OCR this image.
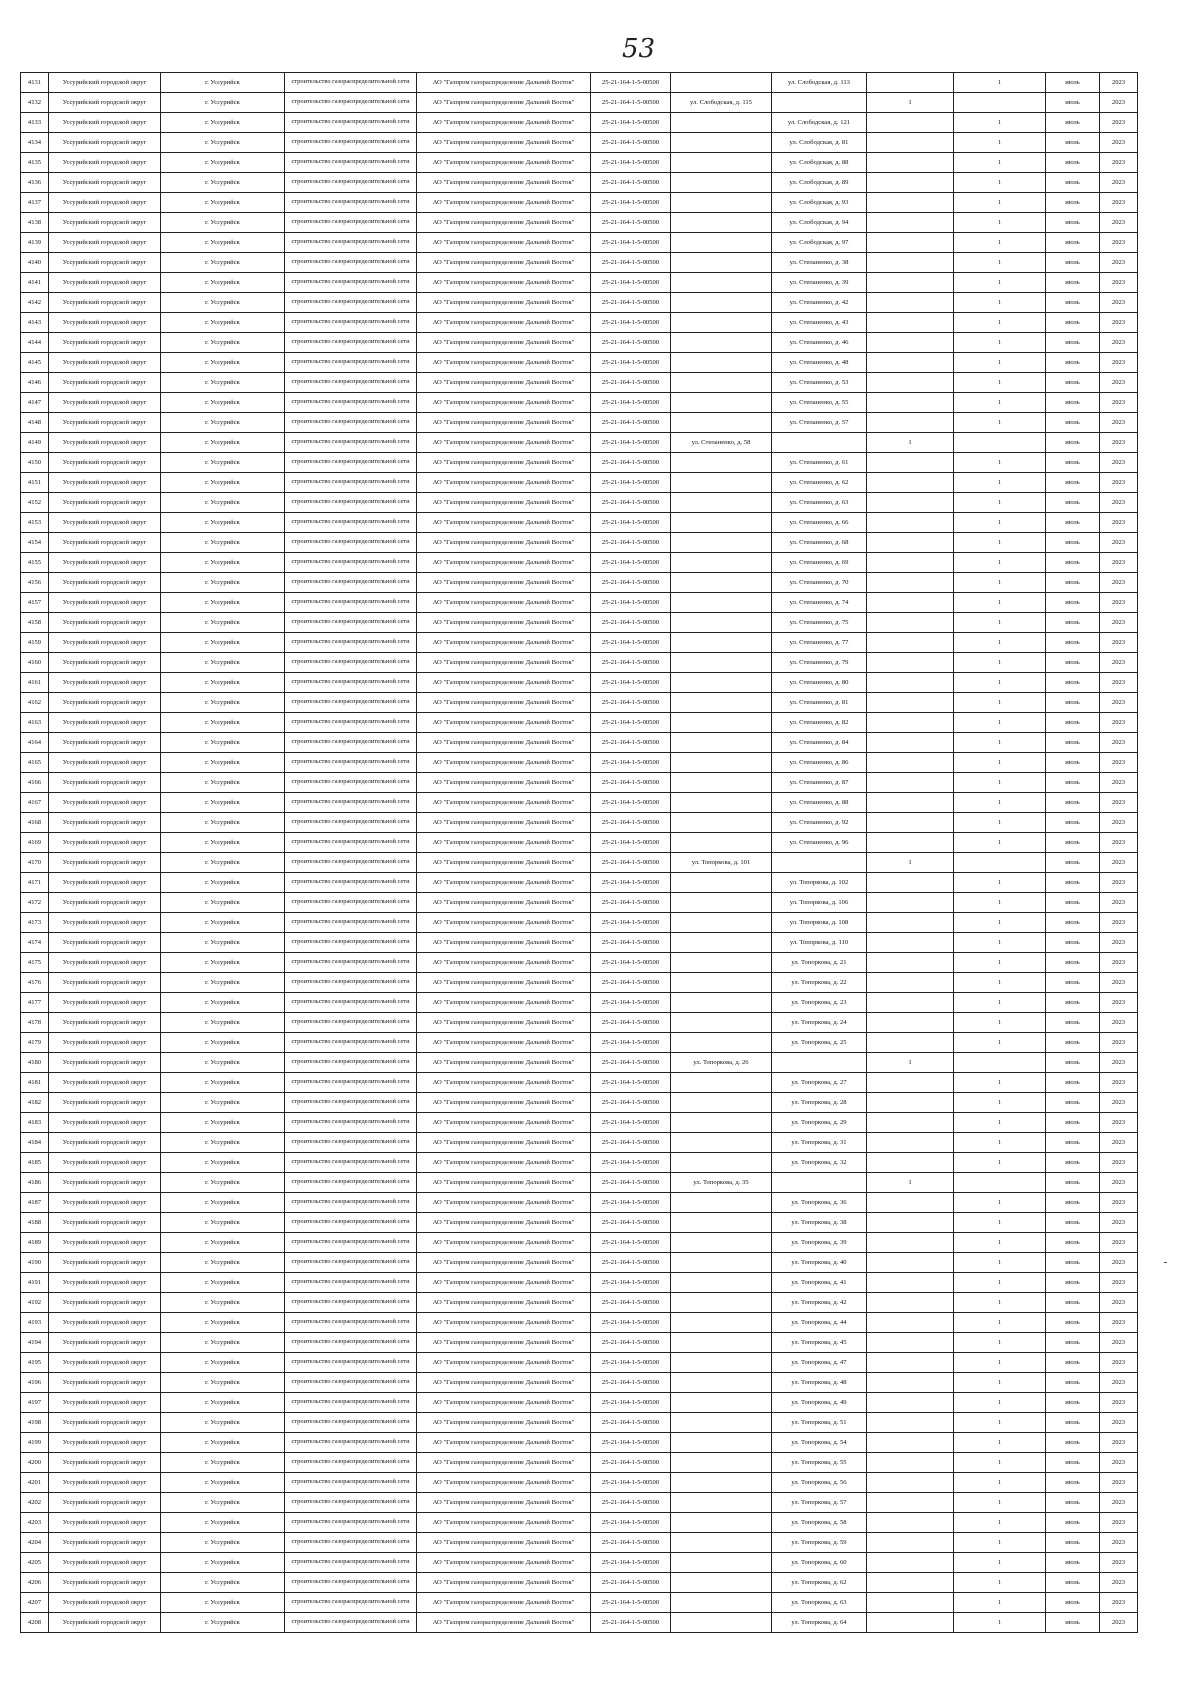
53
4131	Уссурийский городской округ	г. Уссурийск	строительство газораспределительной сети	АО "Газпром газораспределение Дальний Восток"	25-21-164-1-5-00500		ул. Слободская, д. 113		1	июль	2023
4132	Уссурийский городской округ	г. Уссурийск	строительство газораспределительной сети	АО "Газпром газораспределение Дальний Восток"	25-21-164-1-5-00500	ул. Слободская, д. 115		1		июль	2023
4133	Уссурийский городской округ	г. Уссурийск	строительство газораспределительной сети	АО "Газпром газораспределение Дальний Восток"	25-21-164-1-5-00500		ул. Слободская, д. 121		1	июль	2023
4134	Уссурийский городской округ	г. Уссурийск	строительство газораспределительной сети	АО "Газпром газораспределение Дальний Восток"	25-21-164-1-5-00500		ул. Слободская, д. 81		1	июль	2023
4135	Уссурийский городской округ	г. Уссурийск	строительство газораспределительной сети	АО "Газпром газораспределение Дальний Восток"	25-21-164-1-5-00500		ул. Слободская, д. 88		1	июль	2023
4136	Уссурийский городской округ	г. Уссурийск	строительство газораспределительной сети	АО "Газпром газораспределение Дальний Восток"	25-21-164-1-5-00500		ул. Слободская, д. 89		1	июль	2023
4137	Уссурийский городской округ	г. Уссурийск	строительство газораспределительной сети	АО "Газпром газораспределение Дальний Восток"	25-21-164-1-5-00500		ул. Слободская, д. 93		1	июль	2023
4138	Уссурийский городской округ	г. Уссурийск	строительство газораспределительной сети	АО "Газпром газораспределение Дальний Восток"	25-21-164-1-5-00500		ул. Слободская, д. 94		1	июль	2023
4139	Уссурийский городской округ	г. Уссурийск	строительство газораспределительной сети	АО "Газпром газораспределение Дальний Восток"	25-21-164-1-5-00500		ул. Слободская, д. 97		1	июль	2023
4140	Уссурийский городской округ	г. Уссурийск	строительство газораспределительной сети	АО "Газпром газораспределение Дальний Восток"	25-21-164-1-5-00500		ул. Степаненко, д. 38		1	июль	2023
4141	Уссурийский городской округ	г. Уссурийск	строительство газораспределительной сети	АО "Газпром газораспределение Дальний Восток"	25-21-164-1-5-00500		ул. Степаненко, д. 39		1	июль	2023
4142	Уссурийский городской округ	г. Уссурийск	строительство газораспределительной сети	АО "Газпром газораспределение Дальний Восток"	25-21-164-1-5-00500		ул. Степаненко, д. 42		1	июль	2023
4143	Уссурийский городской округ	г. Уссурийск	строительство газораспределительной сети	АО "Газпром газораспределение Дальний Восток"	25-21-164-1-5-00500		ул. Степаненко, д. 43		1	июль	2023
4144	Уссурийский городской округ	г. Уссурийск	строительство газораспределительной сети	АО "Газпром газораспределение Дальний Восток"	25-21-164-1-5-00500		ул. Степаненко, д. 46		1	июль	2023
4145	Уссурийский городской округ	г. Уссурийск	строительство газораспределительной сети	АО "Газпром газораспределение Дальний Восток"	25-21-164-1-5-00500		ул. Степаненко, д. 48		1	июль	2023
4146	Уссурийский городской округ	г. Уссурийск	строительство газораспределительной сети	АО "Газпром газораспределение Дальний Восток"	25-21-164-1-5-00500		ул. Степаненко, д. 53		1	июль	2023
4147	Уссурийский городской округ	г. Уссурийск	строительство газораспределительной сети	АО "Газпром газораспределение Дальний Восток"	25-21-164-1-5-00500		ул. Степаненко, д. 55		1	июль	2023
4148	Уссурийский городской округ	г. Уссурийск	строительство газораспределительной сети	АО "Газпром газораспределение Дальний Восток"	25-21-164-1-5-00500		ул. Степаненко, д. 57		1	июль	2023
4149	Уссурийский городской округ	г. Уссурийск	строительство газораспределительной сети	АО "Газпром газораспределение Дальний Восток"	25-21-164-1-5-00500	ул. Степаненко, д. 58		1		июль	2023
4150	Уссурийский городской округ	г. Уссурийск	строительство газораспределительной сети	АО "Газпром газораспределение Дальний Восток"	25-21-164-1-5-00500		ул. Степаненко, д. 61		1	июль	2023
4151	Уссурийский городской округ	г. Уссурийск	строительство газораспределительной сети	АО "Газпром газораспределение Дальний Восток"	25-21-164-1-5-00500		ул. Степаненко, д. 62		1	июль	2023
4152	Уссурийский городской округ	г. Уссурийск	строительство газораспределительной сети	АО "Газпром газораспределение Дальний Восток"	25-21-164-1-5-00500		ул. Степаненко, д. 63		1	июль	2023
4153	Уссурийский городской округ	г. Уссурийск	строительство газораспределительной сети	АО "Газпром газораспределение Дальний Восток"	25-21-164-1-5-00500		ул. Степаненко, д. 66		1	июль	2023
4154	Уссурийский городской округ	г. Уссурийск	строительство газораспределительной сети	АО "Газпром газораспределение Дальний Восток"	25-21-164-1-5-00500		ул. Степаненко, д. 68		1	июль	2023
4155	Уссурийский городской округ	г. Уссурийск	строительство газораспределительной сети	АО "Газпром газораспределение Дальний Восток"	25-21-164-1-5-00500		ул. Степаненко, д. 69		1	июль	2023
4156	Уссурийский городской округ	г. Уссурийск	строительство газораспределительной сети	АО "Газпром газораспределение Дальний Восток"	25-21-164-1-5-00500		ул. Степаненко, д. 70		1	июль	2023
4157	Уссурийский городской округ	г. Уссурийск	строительство газораспределительной сети	АО "Газпром газораспределение Дальний Восток"	25-21-164-1-5-00500		ул. Степаненко, д. 74		1	июль	2023
4158	Уссурийский городской округ	г. Уссурийск	строительство газораспределительной сети	АО "Газпром газораспределение Дальний Восток"	25-21-164-1-5-00500		ул. Степаненко, д. 75		1	июль	2023
4159	Уссурийский городской округ	г. Уссурийск	строительство газораспределительной сети	АО "Газпром газораспределение Дальний Восток"	25-21-164-1-5-00500		ул. Степаненко, д. 77		1	июль	2023
4160	Уссурийский городской округ	г. Уссурийск	строительство газораспределительной сети	АО "Газпром газораспределение Дальний Восток"	25-21-164-1-5-00500		ул. Степаненко, д. 79		1	июль	2023
4161	Уссурийский городской округ	г. Уссурийск	строительство газораспределительной сети	АО "Газпром газораспределение Дальний Восток"	25-21-164-1-5-00500		ул. Степаненко, д. 80		1	июль	2023
4162	Уссурийский городской округ	г. Уссурийск	строительство газораспределительной сети	АО "Газпром газораспределение Дальний Восток"	25-21-164-1-5-00500		ул. Степаненко, д. 81		1	июль	2023
4163	Уссурийский городской округ	г. Уссурийск	строительство газораспределительной сети	АО "Газпром газораспределение Дальний Восток"	25-21-164-1-5-00500		ул. Степаненко, д. 82		1	июль	2023
4164	Уссурийский городской округ	г. Уссурийск	строительство газораспределительной сети	АО "Газпром газораспределение Дальний Восток"	25-21-164-1-5-00500		ул. Степаненко, д. 84		1	июль	2023
4165	Уссурийский городской округ	г. Уссурийск	строительство газораспределительной сети	АО "Газпром газораспределение Дальний Восток"	25-21-164-1-5-00500		ул. Степаненко, д. 86		1	июль	2023
4166	Уссурийский городской округ	г. Уссурийск	строительство газораспределительной сети	АО "Газпром газораспределение Дальний Восток"	25-21-164-1-5-00500		ул. Степаненко, д. 87		1	июль	2023
4167	Уссурийский городской округ	г. Уссурийск	строительство газораспределительной сети	АО "Газпром газораспределение Дальний Восток"	25-21-164-1-5-00500		ул. Степаненко, д. 88		1	июль	2023
4168	Уссурийский городской округ	г. Уссурийск	строительство газораспределительной сети	АО "Газпром газораспределение Дальний Восток"	25-21-164-1-5-00500		ул. Степаненко, д. 92		1	июль	2023
4169	Уссурийский городской округ	г. Уссурийск	строительство газораспределительной сети	АО "Газпром газораспределение Дальний Восток"	25-21-164-1-5-00500		ул. Степаненко, д. 96		1	июль	2023
4170	Уссурийский городской округ	г. Уссурийск	строительство газораспределительной сети	АО "Газпром газораспределение Дальний Восток"	25-21-164-1-5-00500	ул. Топоркова, д. 101		1		июль	2023
4171	Уссурийский городской округ	г. Уссурийск	строительство газораспределительной сети	АО "Газпром газораспределение Дальний Восток"	25-21-164-1-5-00500		ул. Топоркова, д. 102		1	июль	2023
4172	Уссурийский городской округ	г. Уссурийск	строительство газораспределительной сети	АО "Газпром газораспределение Дальний Восток"	25-21-164-1-5-00500		ул. Топоркова, д. 106		1	июль	2023
4173	Уссурийский городской округ	г. Уссурийск	строительство газораспределительной сети	АО "Газпром газораспределение Дальний Восток"	25-21-164-1-5-00500		ул. Топоркова, д. 108		1	июль	2023
4174	Уссурийский городской округ	г. Уссурийск	строительство газораспределительной сети	АО "Газпром газораспределение Дальний Восток"	25-21-164-1-5-00500		ул. Топоркова, д. 110		1	июль	2023
4175	Уссурийский городской округ	г. Уссурийск	строительство газораспределительной сети	АО "Газпром газораспределение Дальний Восток"	25-21-164-1-5-00500		ул. Топоркова, д. 21		1	июль	2023
4176	Уссурийский городской округ	г. Уссурийск	строительство газораспределительной сети	АО "Газпром газораспределение Дальний Восток"	25-21-164-1-5-00500		ул. Топоркова, д. 22		1	июль	2023
4177	Уссурийский городской округ	г. Уссурийск	строительство газораспределительной сети	АО "Газпром газораспределение Дальний Восток"	25-21-164-1-5-00500		ул. Топоркова, д. 23		1	июль	2023
4178	Уссурийский городской округ	г. Уссурийск	строительство газораспределительной сети	АО "Газпром газораспределение Дальний Восток"	25-21-164-1-5-00500		ул. Топоркова, д. 24		1	июль	2023
4179	Уссурийский городской округ	г. Уссурийск	строительство газораспределительной сети	АО "Газпром газораспределение Дальний Восток"	25-21-164-1-5-00500		ул. Топоркова, д. 25		1	июль	2023
4180	Уссурийский городской округ	г. Уссурийск	строительство газораспределительной сети	АО "Газпром газораспределение Дальний Восток"	25-21-164-1-5-00500	ул. Топоркова, д. 26		1		июль	2023
4181	Уссурийский городской округ	г. Уссурийск	строительство газораспределительной сети	АО "Газпром газораспределение Дальний Восток"	25-21-164-1-5-00500		ул. Топоркова, д. 27		1	июль	2023
4182	Уссурийский городской округ	г. Уссурийск	строительство газораспределительной сети	АО "Газпром газораспределение Дальний Восток"	25-21-164-1-5-00500		ул. Топоркова, д. 28		1	июль	2023
4183	Уссурийский городской округ	г. Уссурийск	строительство газораспределительной сети	АО "Газпром газораспределение Дальний Восток"	25-21-164-1-5-00500		ул. Топоркова, д. 29		1	июль	2023
4184	Уссурийский городской округ	г. Уссурийск	строительство газораспределительной сети	АО "Газпром газораспределение Дальний Восток"	25-21-164-1-5-00500		ул. Топоркова, д. 31		1	июль	2023
4185	Уссурийский городской округ	г. Уссурийск	строительство газораспределительной сети	АО "Газпром газораспределение Дальний Восток"	25-21-164-1-5-00500		ул. Топоркова, д. 32		1	июль	2023
4186	Уссурийский городской округ	г. Уссурийск	строительство газораспределительной сети	АО "Газпром газораспределение Дальний Восток"	25-21-164-1-5-00500	ул. Топоркова, д. 35		1		июль	2023
4187	Уссурийский городской округ	г. Уссурийск	строительство газораспределительной сети	АО "Газпром газораспределение Дальний Восток"	25-21-164-1-5-00500		ул. Топоркова, д. 36		1	июль	2023
4188	Уссурийский городской округ	г. Уссурийск	строительство газораспределительной сети	АО "Газпром газораспределение Дальний Восток"	25-21-164-1-5-00500		ул. Топоркова, д. 38		1	июль	2023
4189	Уссурийский городской округ	г. Уссурийск	строительство газораспределительной сети	АО "Газпром газораспределение Дальний Восток"	25-21-164-1-5-00500		ул. Топоркова, д. 39		1	июль	2023
4190	Уссурийский городской округ	г. Уссурийск	строительство газораспределительной сети	АО "Газпром газораспределение Дальний Восток"	25-21-164-1-5-00500		ул. Топоркова, д. 40		1	июль	2023
4191	Уссурийский городской округ	г. Уссурийск	строительство газораспределительной сети	АО "Газпром газораспределение Дальний Восток"	25-21-164-1-5-00500		ул. Топоркова, д. 41		1	июль	2023
4192	Уссурийский городской округ	г. Уссурийск	строительство газораспределительной сети	АО "Газпром газораспределение Дальний Восток"	25-21-164-1-5-00500		ул. Топоркова, д. 42		1	июль	2023
4193	Уссурийский городской округ	г. Уссурийск	строительство газораспределительной сети	АО "Газпром газораспределение Дальний Восток"	25-21-164-1-5-00500		ул. Топоркова, д. 44		1	июль	2023
4194	Уссурийский городской округ	г. Уссурийск	строительство газораспределительной сети	АО "Газпром газораспределение Дальний Восток"	25-21-164-1-5-00500		ул. Топоркова, д. 45		1	июль	2023
4195	Уссурийский городской округ	г. Уссурийск	строительство газораспределительной сети	АО "Газпром газораспределение Дальний Восток"	25-21-164-1-5-00500		ул. Топоркова, д. 47		1	июль	2023
4196	Уссурийский городской округ	г. Уссурийск	строительство газораспределительной сети	АО "Газпром газораспределение Дальний Восток"	25-21-164-1-5-00500		ул. Топоркова, д. 48		1	июль	2023
4197	Уссурийский городской округ	г. Уссурийск	строительство газораспределительной сети	АО "Газпром газораспределение Дальний Восток"	25-21-164-1-5-00500		ул. Топоркова, д. 49		1	июль	2023
4198	Уссурийский городской округ	г. Уссурийск	строительство газораспределительной сети	АО "Газпром газораспределение Дальний Восток"	25-21-164-1-5-00500		ул. Топоркова, д. 51		1	июль	2023
4199	Уссурийский городской округ	г. Уссурийск	строительство газораспределительной сети	АО "Газпром газораспределение Дальний Восток"	25-21-164-1-5-00500		ул. Топоркова, д. 54		1	июль	2023
4200	Уссурийский городской округ	г. Уссурийск	строительство газораспределительной сети	АО "Газпром газораспределение Дальний Восток"	25-21-164-1-5-00500		ул. Топоркова, д. 55		1	июль	2023
4201	Уссурийский городской округ	г. Уссурийск	строительство газораспределительной сети	АО "Газпром газораспределение Дальний Восток"	25-21-164-1-5-00500		ул. Топоркова, д. 56		1	июль	2023
4202	Уссурийский городской округ	г. Уссурийск	строительство газораспределительной сети	АО "Газпром газораспределение Дальний Восток"	25-21-164-1-5-00500		ул. Топоркова, д. 57		1	июль	2023
4203	Уссурийский городской округ	г. Уссурийск	строительство газораспределительной сети	АО "Газпром газораспределение Дальний Восток"	25-21-164-1-5-00500		ул. Топоркова, д. 58		1	июль	2023
4204	Уссурийский городской округ	г. Уссурийск	строительство газораспределительной сети	АО "Газпром газораспределение Дальний Восток"	25-21-164-1-5-00500		ул. Топоркова, д. 59		1	июль	2023
4205	Уссурийский городской округ	г. Уссурийск	строительство газораспределительной сети	АО "Газпром газораспределение Дальний Восток"	25-21-164-1-5-00500		ул. Топоркова, д. 60		1	июль	2023
4206	Уссурийский городской округ	г. Уссурийск	строительство газораспределительной сети	АО "Газпром газораспределение Дальний Восток"	25-21-164-1-5-00500		ул. Топоркова, д. 62		1	июль	2023
4207	Уссурийский городской округ	г. Уссурийск	строительство газораспределительной сети	АО "Газпром газораспределение Дальний Восток"	25-21-164-1-5-00500		ул. Топоркова, д. 63		1	июль	2023
4208	Уссурийский городской округ	г. Уссурийск	строительство газораспределительной сети	АО "Газпром газораспределение Дальний Восток"	25-21-164-1-5-00500		ул. Топоркова, д. 64		1	июль	2023
